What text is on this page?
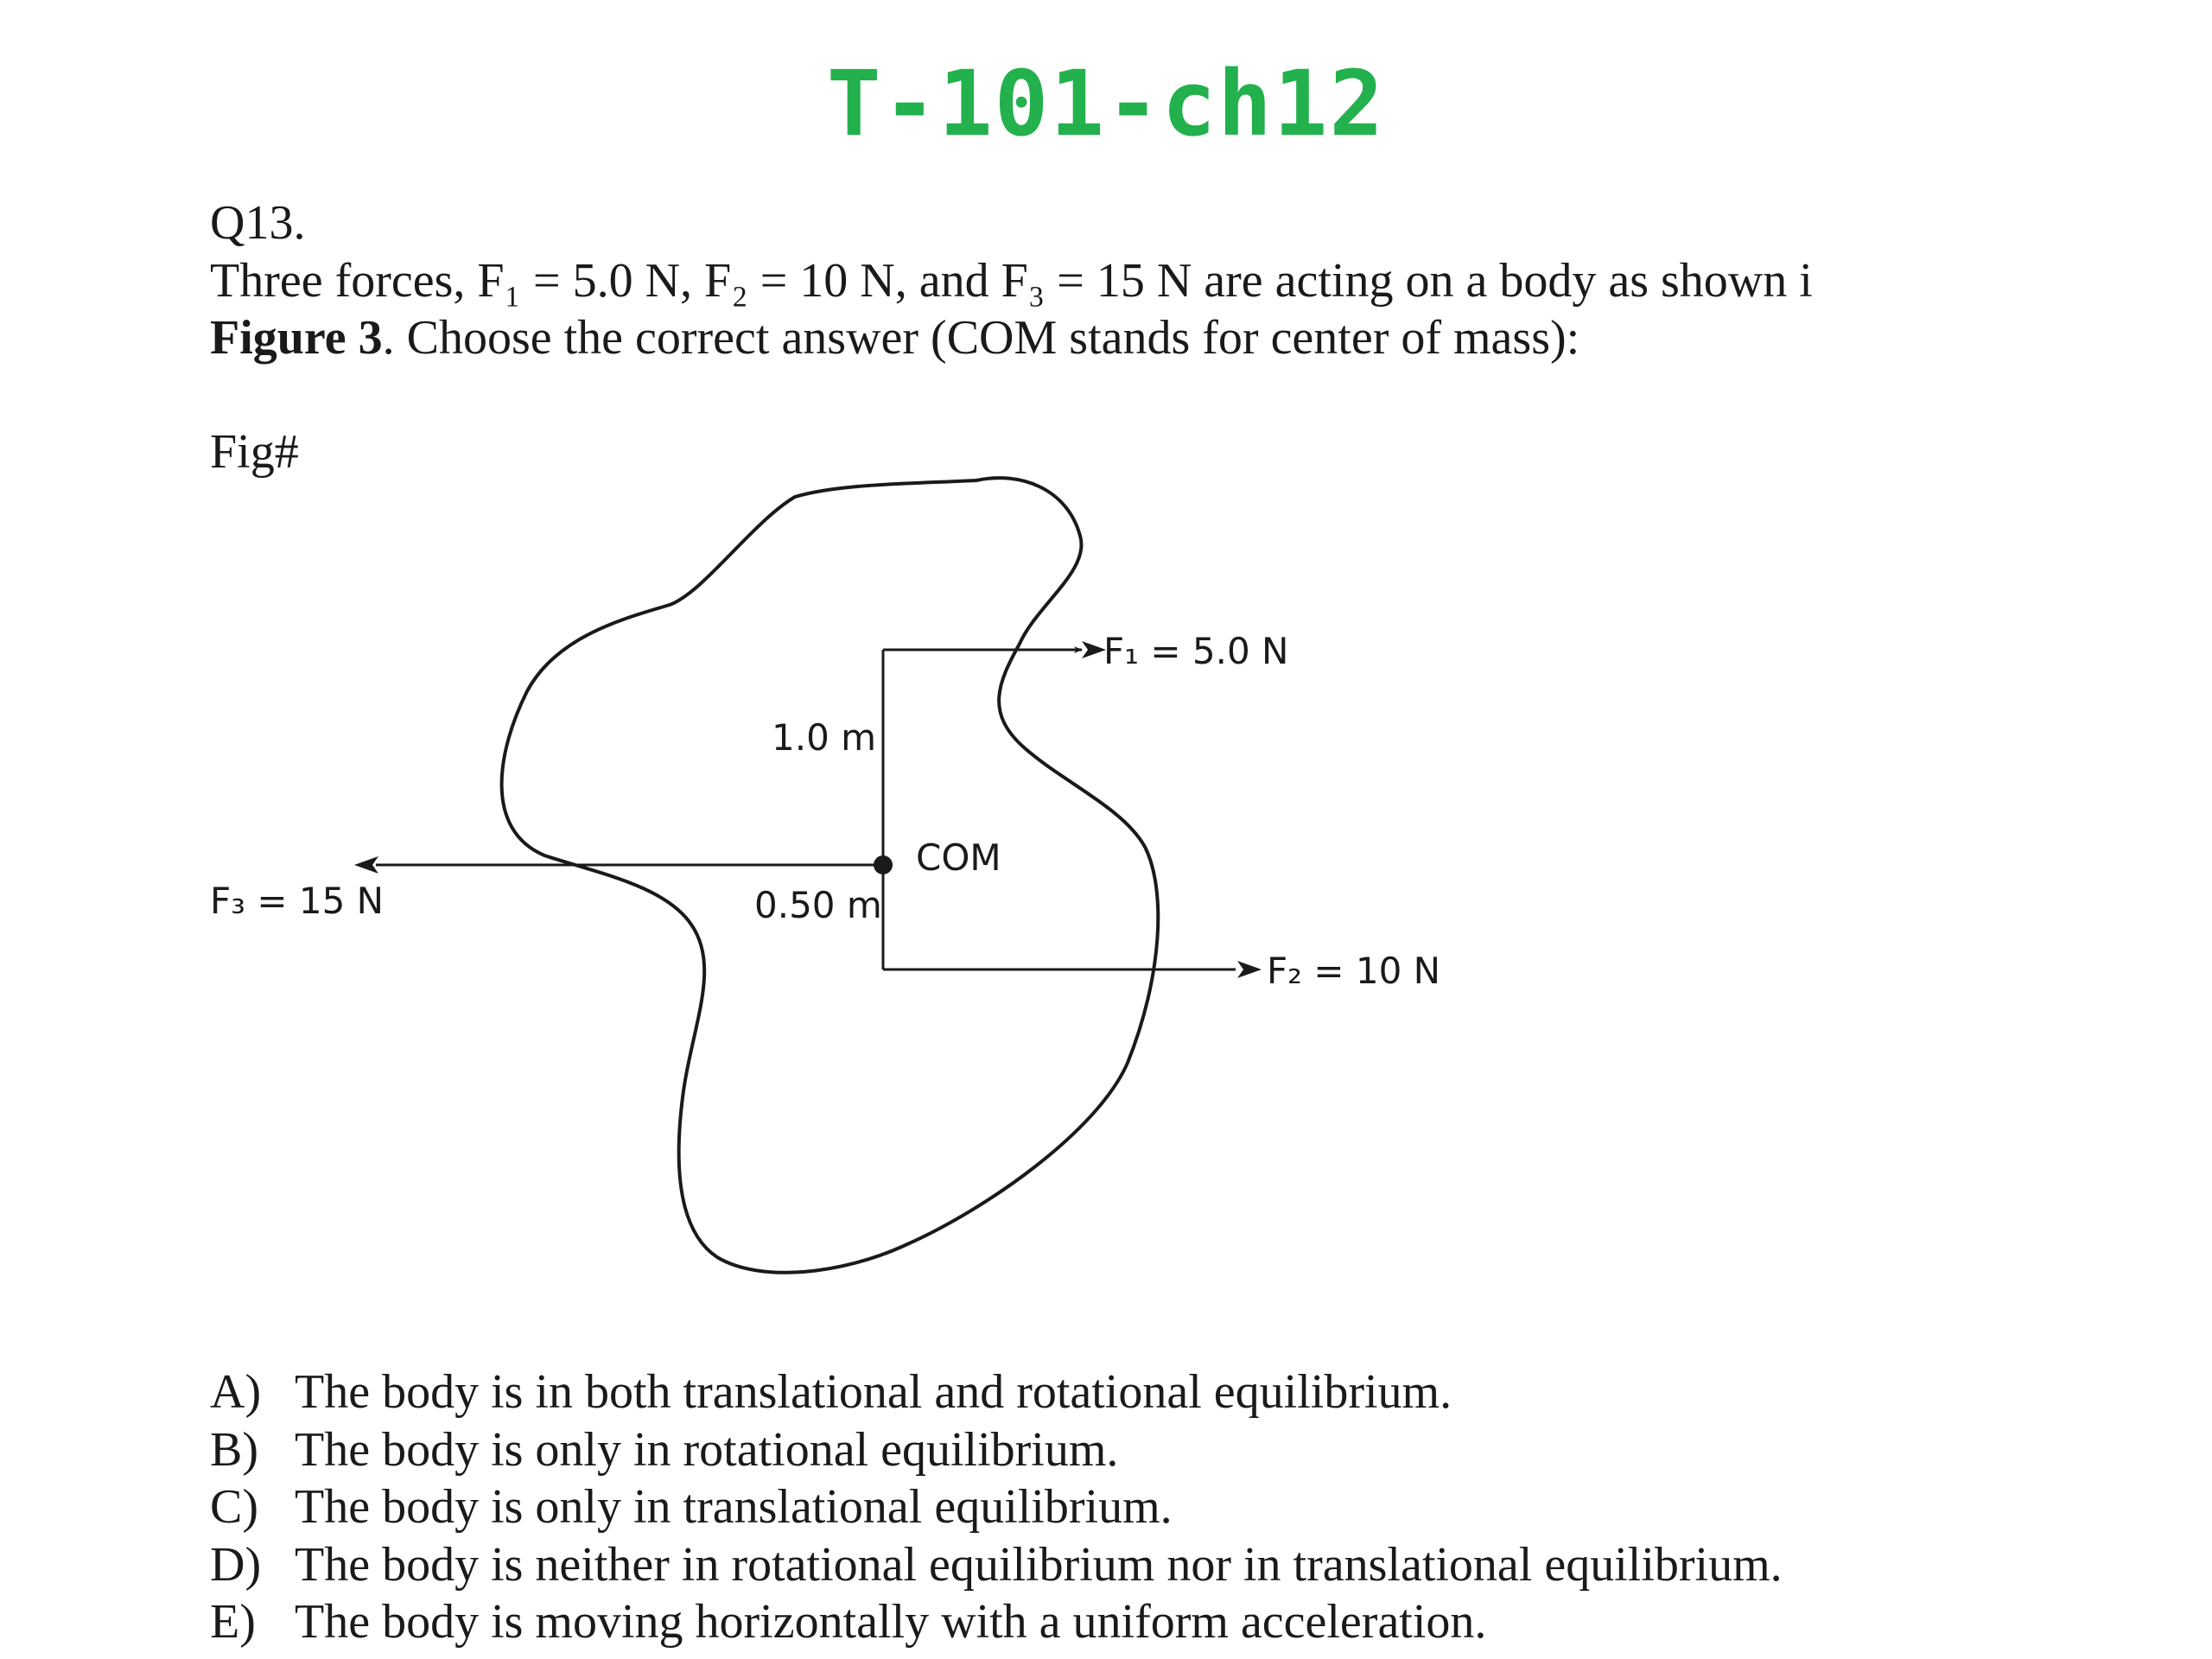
T-101-ch12
Q13.
Three forces, F₁ = 5.0 N, F₂ = 10 N, and F₃ = 15 N are acting on a body as shown i
Figure 3. Choose the correct answer (COM stands for center of mass):
Fig#
F₁ = 5.0 N
F₂ = 10 N
F₃ = 15 N
1.0 m
0.50 m
COM
A) The body is in both translational and rotational equilibrium.
B) The body is only in rotational equilibrium.
C) The body is only in translational equilibrium.
D) The body is neither in rotational equilibrium nor in translational equilibrium.
E) The body is moving horizontally with a uniform acceleration.
